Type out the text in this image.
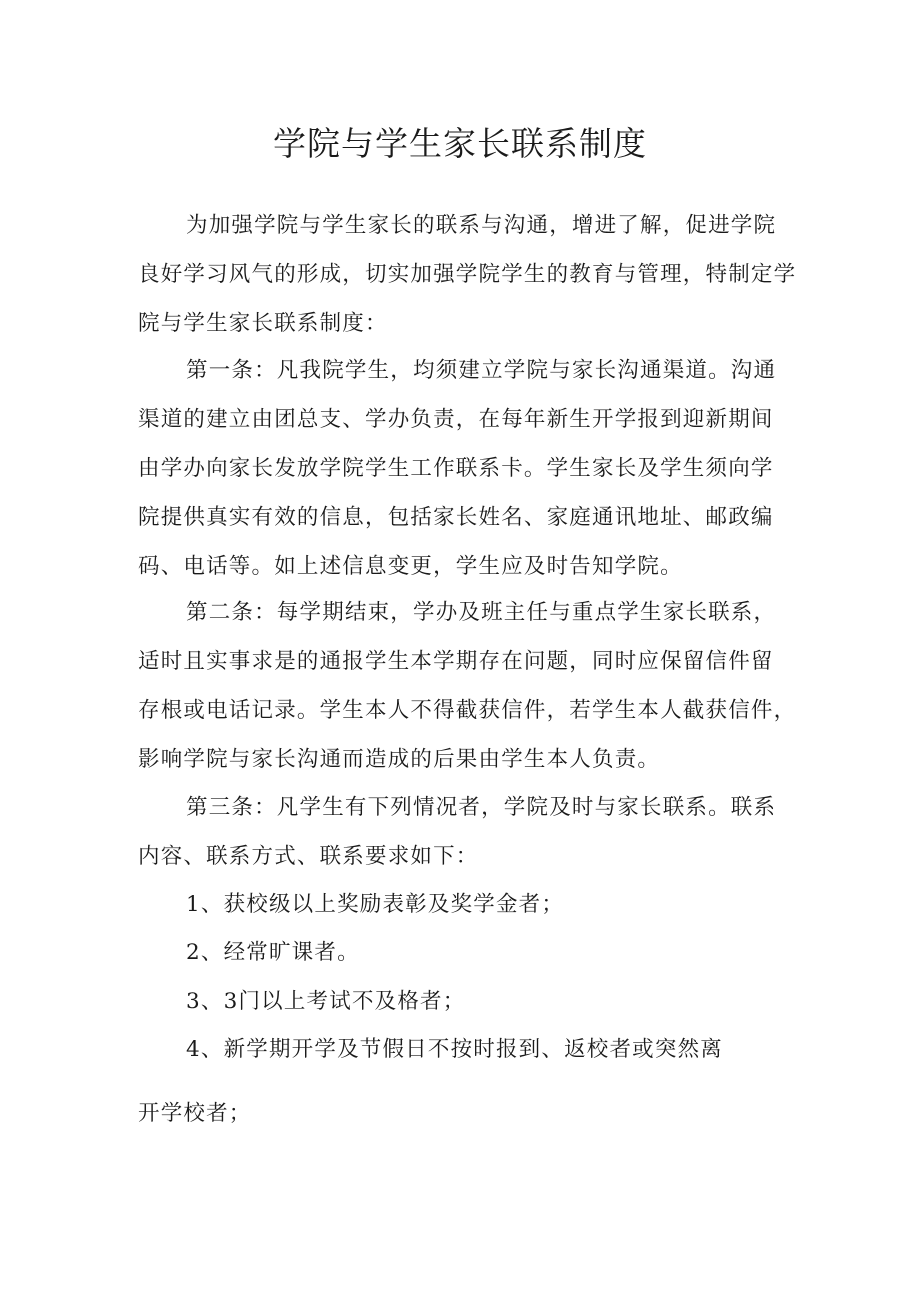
学院与学生家长联系制度

为加强学院与学生家长的联系与沟通，增进了解，促进学院
良好学习风气的形成，切实加强学院学生的教育与管理，特制定学
院与学生家长联系制度：

第一条：凡我院学生，均须建立学院与家长沟通渠道。沟通
渠道的建立由团总支、学办负责，在每年新生开学报到迎新期间
由学办向家长发放学院学生工作联系卡。学生家长及学生须向学
院提供真实有效的信息，包括家长姓名、家庭通讯地址、邮政编
码、电话等。如上述信息变更，学生应及时告知学院。

第二条：每学期结束，学办及班主任与重点学生家长联系，
适时且实事求是的通报学生本学期存在问题，同时应保留信件留
存根或电话记录。学生本人不得截获信件，若学生本人截获信件，
影响学院与家长沟通而造成的后果由学生本人负责。

第三条：凡学生有下列情况者，学院及时与家长联系。联系
内容、联系方式、联系要求如下：

1、获校级以上奖励表彰及奖学金者；

2、经常旷课者。

3、3门以上考试不及格者；

4、新学期开学及节假日不按时报到、返校者或突然离

开学校者；
